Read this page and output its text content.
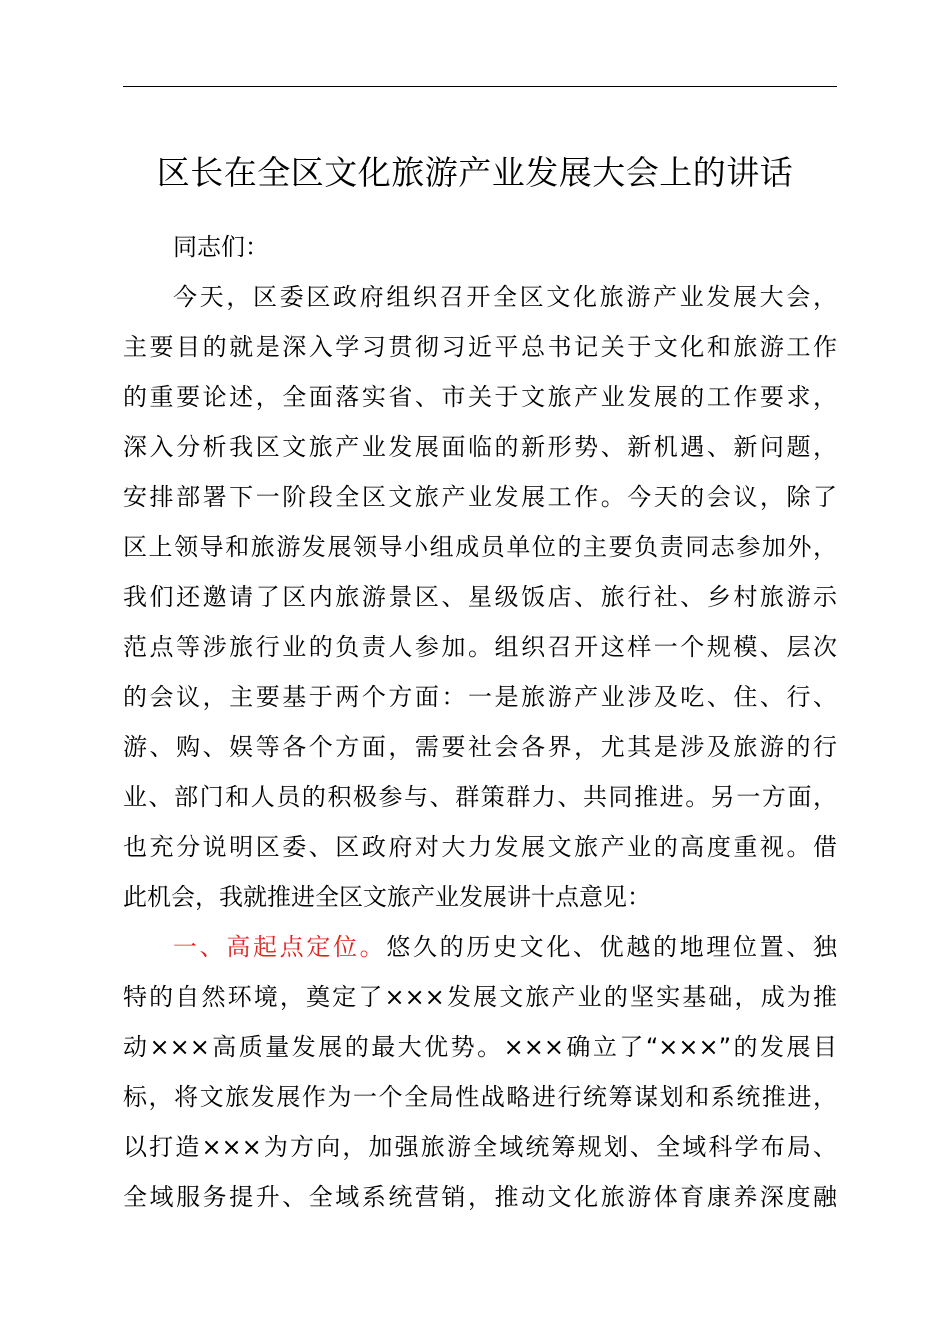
区长在全区文化旅游产业发展大会上的讲话
同志们：
今天，区委区政府组织召开全区文化旅游产业发展大会，
主要目的就是深入学习贯彻习近平总书记关于文化和旅游工作
的重要论述，全面落实省、市关于文旅产业发展的工作要求，
深入分析我区文旅产业发展面临的新形势、新机遇、新问题，
安排部署下一阶段全区文旅产业发展工作。今天的会议，除了
区上领导和旅游发展领导小组成员单位的主要负责同志参加外，
我们还邀请了区内旅游景区、星级饭店、旅行社、乡村旅游示
范点等涉旅行业的负责人参加。组织召开这样一个规模、层次
的会议，主要基于两个方面：一是旅游产业涉及吃、住、行、
游、购、娱等各个方面，需要社会各界，尤其是涉及旅游的行
业、部门和人员的积极参与、群策群力、共同推进。另一方面，
也充分说明区委、区政府对大力发展文旅产业的高度重视。借
此机会，我就推进全区文旅产业发展讲十点意见：
一、高起点定位。悠久的历史文化、优越的地理位置、独
特的自然环境，奠定了×××发展文旅产业的坚实基础，成为推
动×××高质量发展的最大优势。×××确立了“×××”的发展目
标，将文旅发展作为一个全局性战略进行统筹谋划和系统推进，
以打造×××为方向，加强旅游全域统筹规划、全域科学布局、
全域服务提升、全域系统营销，推动文化旅游体育康养深度融
